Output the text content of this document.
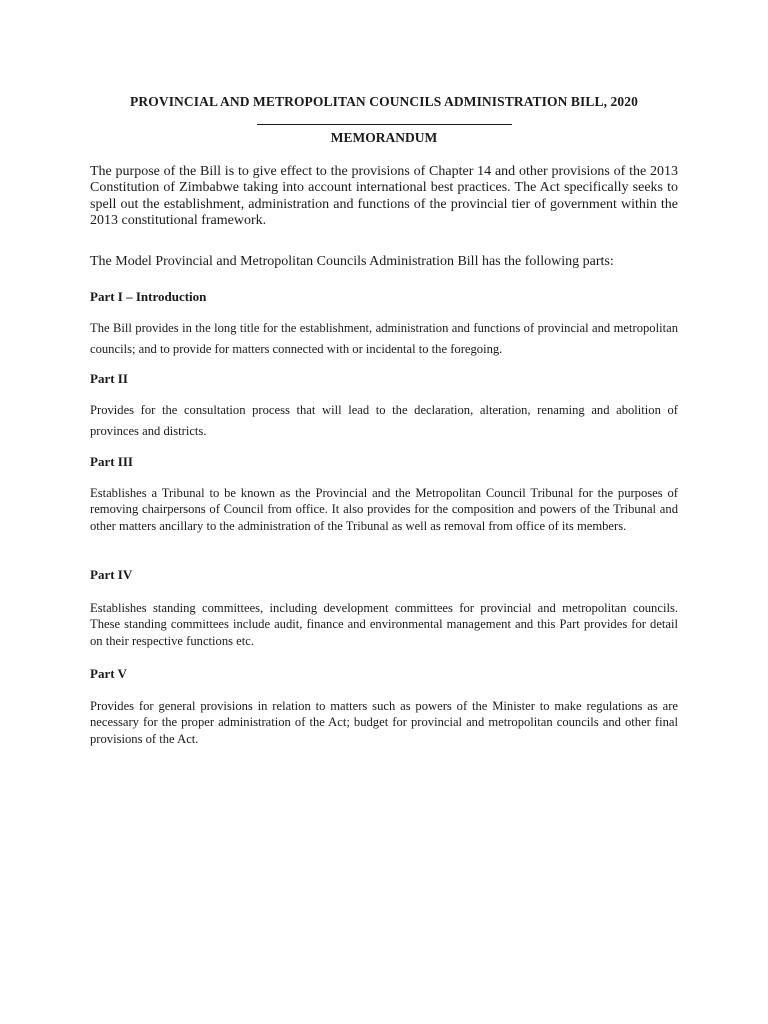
PROVINCIAL AND METROPOLITAN COUNCILS ADMINISTRATION BILL, 2020

MEMORANDUM

The purpose of the Bill is to give effect to the provisions of Chapter 14 and other provisions of the 2013 Constitution of Zimbabwe taking into account international best practices. The Act specifically seeks to spell out the establishment, administration and functions of the provincial tier of government within the 2013 constitutional framework.

The Model Provincial and Metropolitan Councils Administration Bill has the following parts:

Part I – Introduction

The Bill provides in the long title for the establishment, administration and functions of provincial and metropolitan councils; and to provide for matters connected with or incidental to the foregoing.

Part II

Provides for the consultation process that will lead to the declaration, alteration, renaming and abolition of provinces and districts.

Part III

Establishes a Tribunal to be known as the Provincial and the Metropolitan Council Tribunal for the purposes of removing chairpersons of Council from office. It also provides for the composition and powers of the Tribunal and other matters ancillary to the administration of the Tribunal as well as removal from office of its members.

Part IV

Establishes standing committees, including development committees for provincial and metropolitan councils. These standing committees include audit, finance and environmental management and this Part provides for detail on their respective functions etc.

Part V

Provides for general provisions in relation to matters such as powers of the Minister to make regulations as are necessary for the proper administration of the Act; budget for provincial and metropolitan councils and other final provisions of the Act.
